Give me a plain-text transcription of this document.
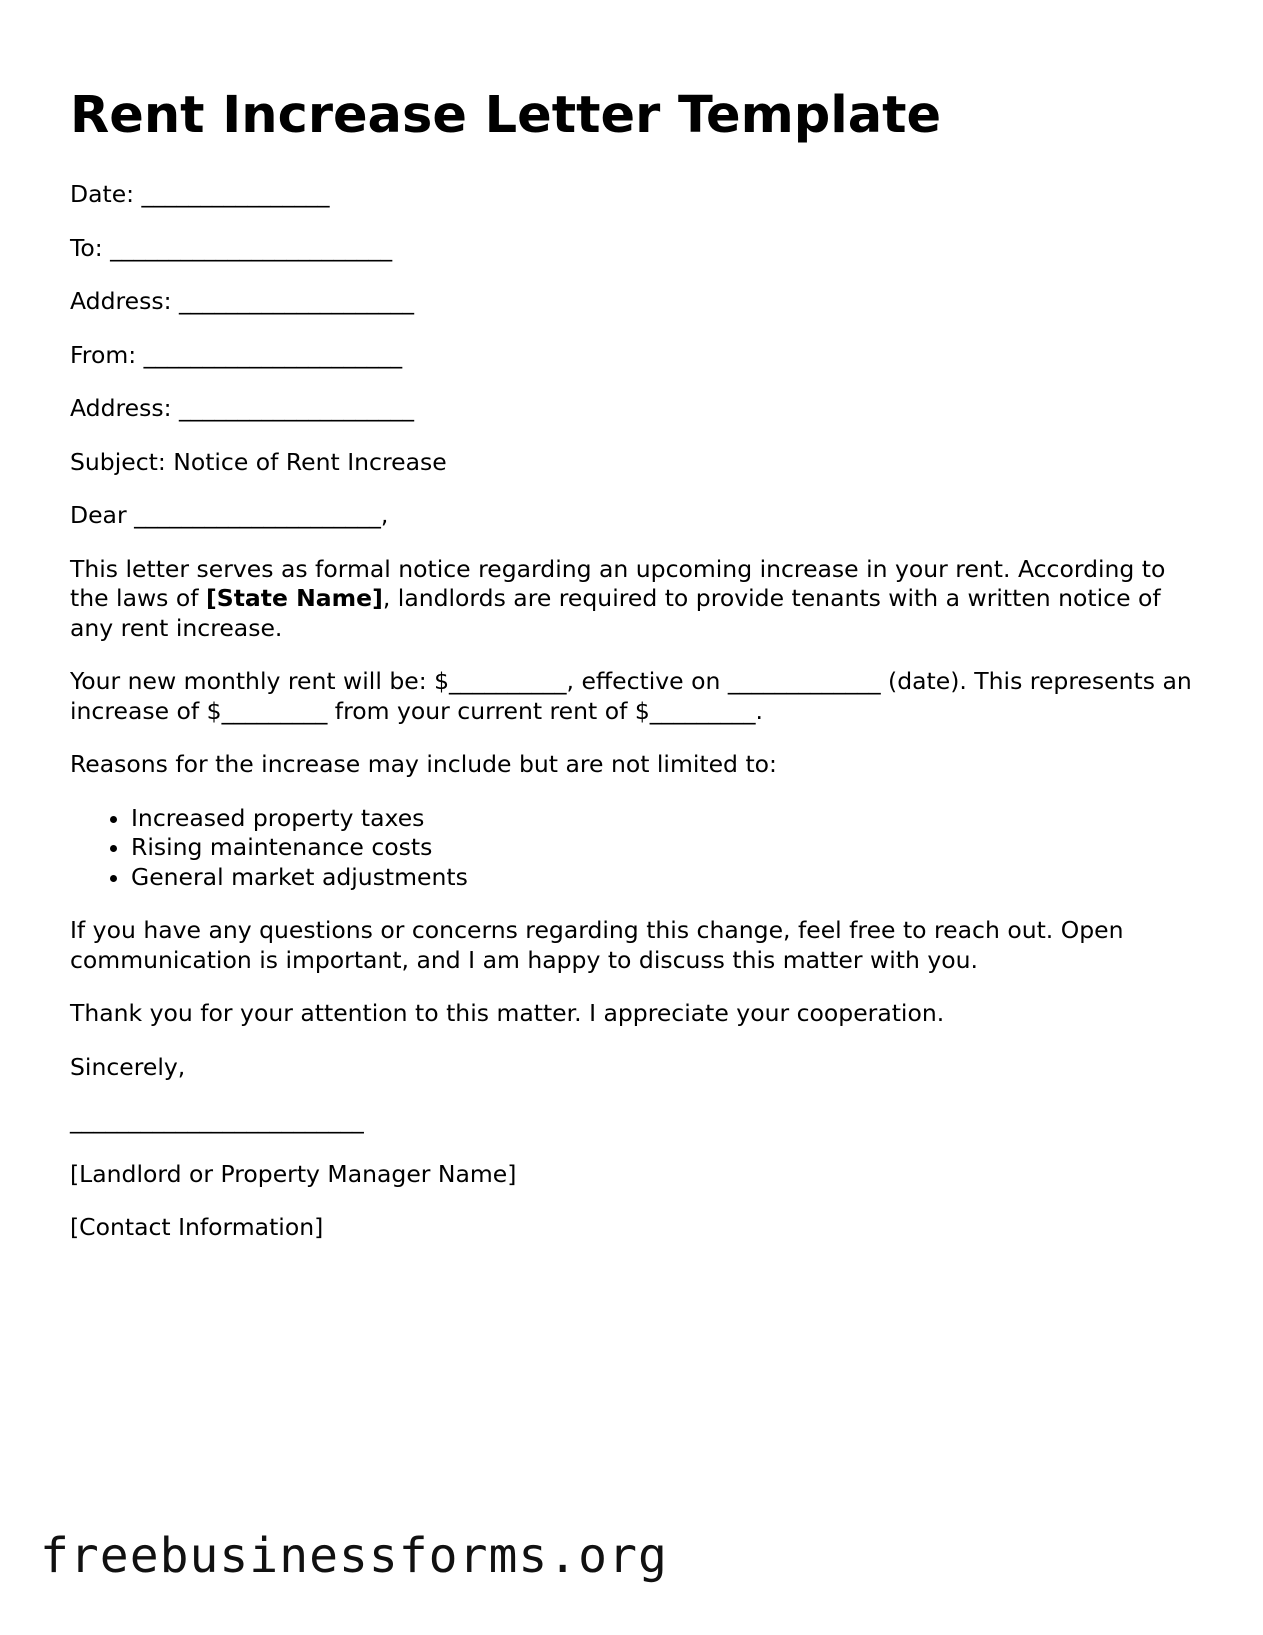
Rent Increase Letter Template

Date: ________________

To: ________________________

Address: ____________________

From: ______________________

Address: ____________________

Subject: Notice of Rent Increase

Dear _____________________,

This letter serves as formal notice regarding an upcoming increase in your rent. According to the laws of [State Name], landlords are required to provide tenants with a written notice of any rent increase.

Your new monthly rent will be: $__________, effective on _____________ (date). This represents an increase of $_________ from your current rent of $_________.

Reasons for the increase may include but are not limited to:

• Increased property taxes
• Rising maintenance costs
• General market adjustments

If you have any questions or concerns regarding this change, feel free to reach out. Open communication is important, and I am happy to discuss this matter with you.

Thank you for your attention to this matter. I appreciate your cooperation.

Sincerely,

_________________________

[Landlord or Property Manager Name]

[Contact Information]

freebusinessforms.org
